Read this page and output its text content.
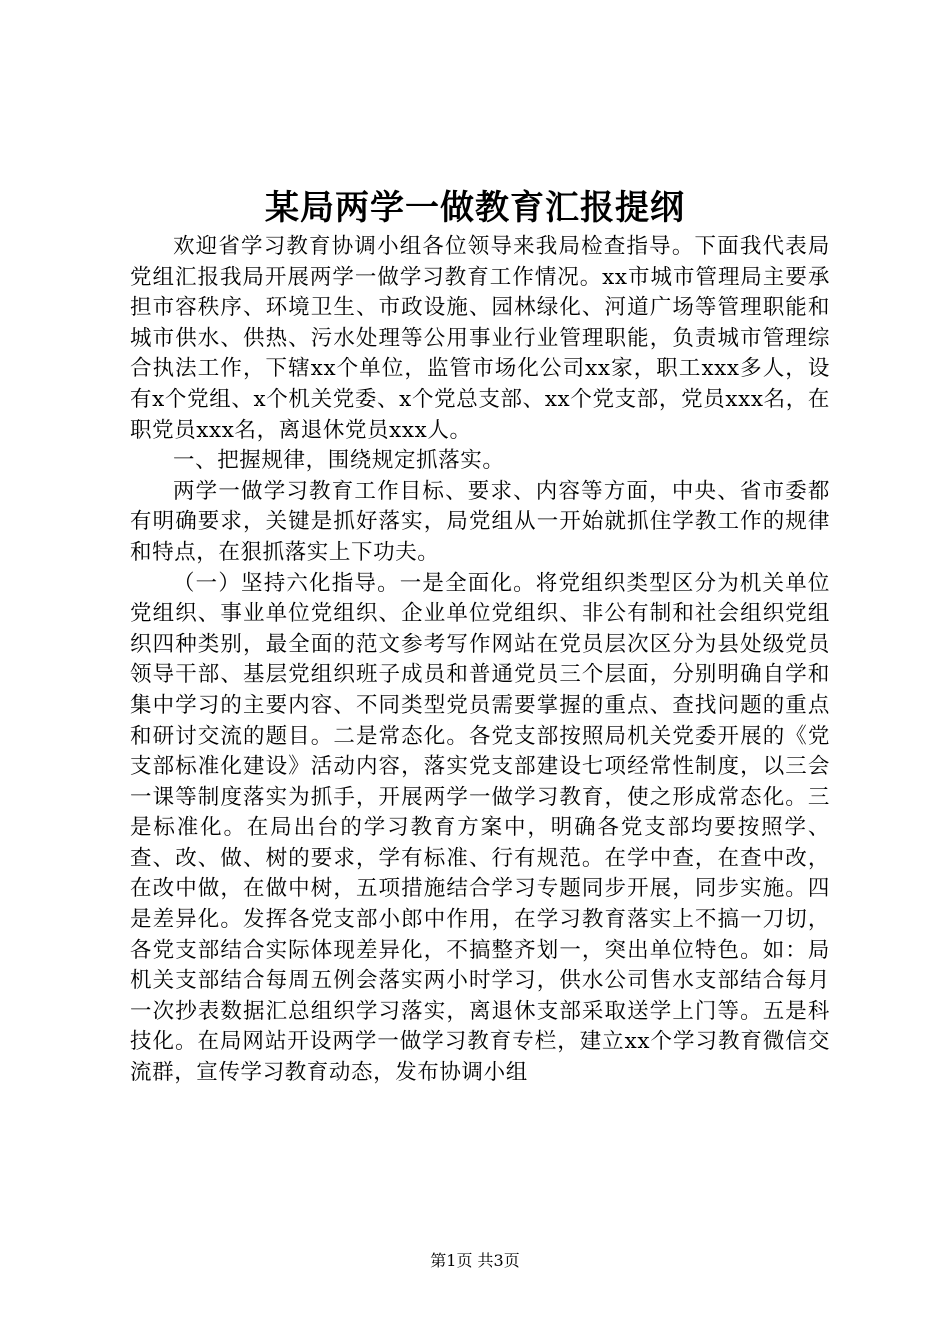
某局两学一做教育汇报提纲

欢迎省学习教育协调小组各位领导来我局检查指导。下面我代表局党组汇报我局开展两学一做学习教育工作情况。xx市城市管理局主要承担市容秩序、环境卫生、市政设施、园林绿化、河道广场等管理职能和城市供水、供热、污水处理等公用事业行业管理职能，负责城市管理综合执法工作，下辖xx个单位，监管市场化公司xx家，职工xxx多人，设有x个党组、x个机关党委、x个党总支部、xx个党支部，党员xxx名，在职党员xxx名，离退休党员xxx人。

一、把握规律，围绕规定抓落实。

两学一做学习教育工作目标、要求、内容等方面，中央、省市委都有明确要求，关键是抓好落实，局党组从一开始就抓住学教工作的规律和特点，在狠抓落实上下功夫。

（一）坚持六化指导。一是全面化。将党组织类型区分为机关单位党组织、事业单位党组织、企业单位党组织、非公有制和社会组织党组织四种类别，最全面的范文参考写作网站在党员层次区分为县处级党员领导干部、基层党组织班子成员和普通党员三个层面，分别明确自学和集中学习的主要内容、不同类型党员需要掌握的重点、查找问题的重点和研讨交流的题目。二是常态化。各党支部按照局机关党委开展的《党支部标准化建设》活动内容，落实党支部建设七项经常性制度，以三会一课等制度落实为抓手，开展两学一做学习教育，使之形成常态化。三是标准化。在局出台的学习教育方案中，明确各党支部均要按照学、查、改、做、树的要求，学有标准、行有规范。在学中查，在查中改，在改中做，在做中树，五项措施结合学习专题同步开展，同步实施。四是差异化。发挥各党支部小郎中作用，在学习教育落实上不搞一刀切，各党支部结合实际体现差异化，不搞整齐划一，突出单位特色。如：局机关支部结合每周五例会落实两小时学习，供水公司售水支部结合每月一次抄表数据汇总组织学习落实，离退休支部采取送学上门等。五是科技化。在局网站开设两学一做学习教育专栏，建立xx个学习教育微信交流群，宣传学习教育动态，发布协调小组

第1页 共3页
